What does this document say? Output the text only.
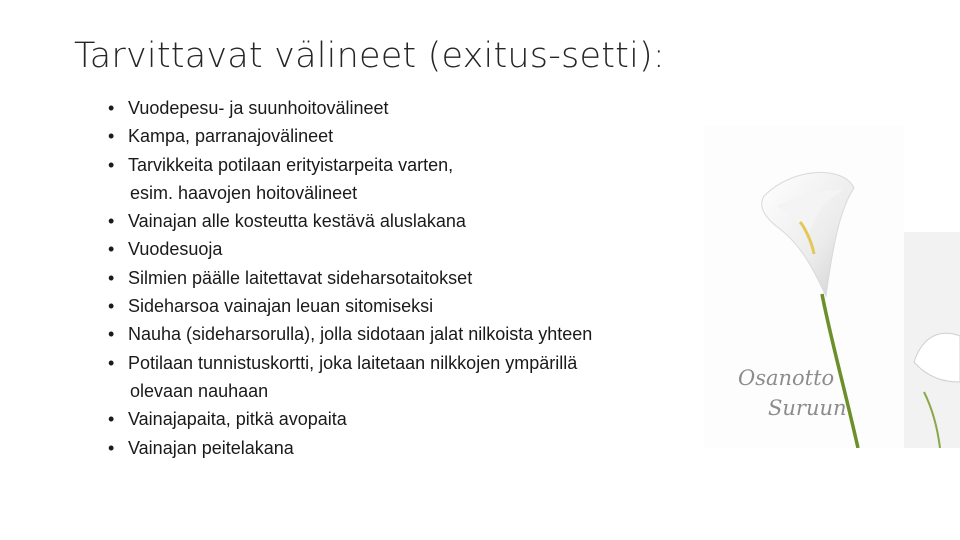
Tarvittavat välineet (exitus-setti):
• Vuodepesu- ja suunhoitovälineet
• Kampa, parranajovälineet
• Tarvikkeita potilaan erityistarpeita varten,
esim. haavojen hoitovälineet
• Vainajan alle kosteutta kestävä aluslakana
• Vuodesuoja
• Silmien päälle laitettavat sideharsotaitokset
• Sideharsoa vainajan leuan sitomiseksi
• Nauha (sideharsorulla), jolla sidotaan jalat nilkoista yhteen
• Potilaan tunnistuskortti, joka laitetaan nilkkojen ympärillä
olevaan nauhaan
• Vainajapaita, pitkä avopaita
• Vainajan peitelakana
Osanotto
Suruun
